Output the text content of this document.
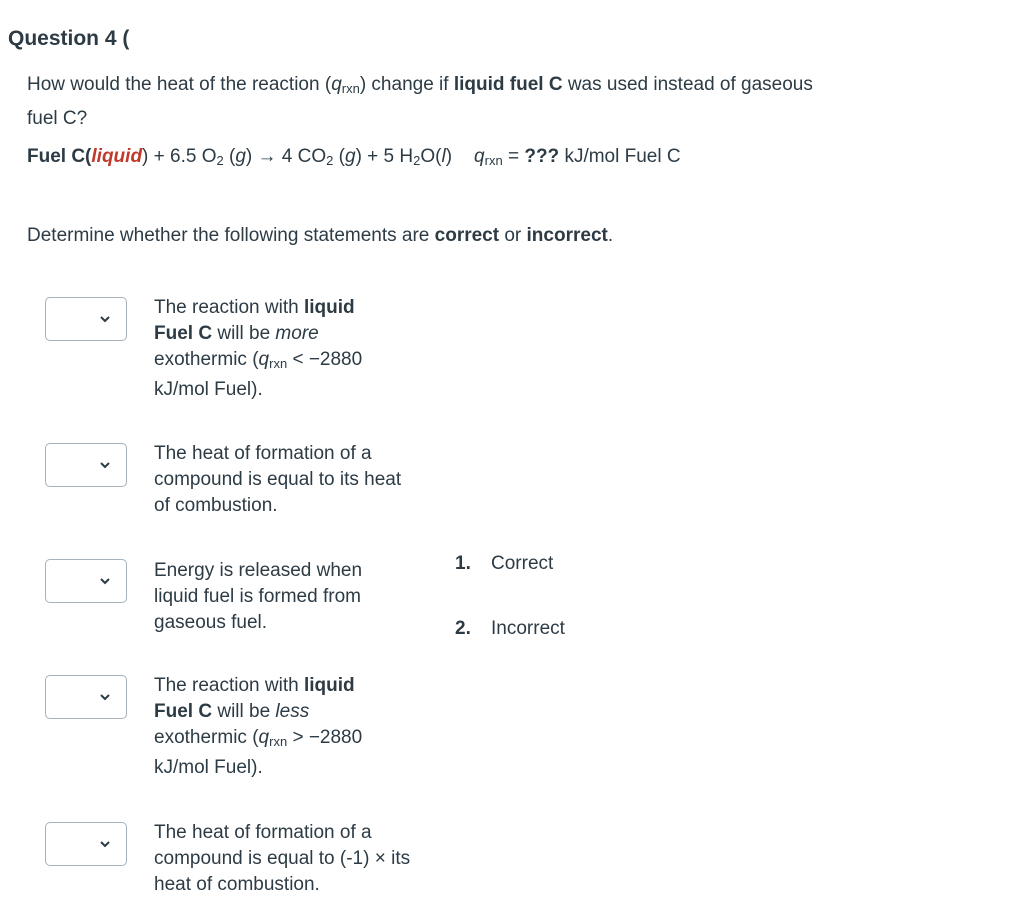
Question 4 (
How would the heat of the reaction $(q_{rxn})$ change if liquid fuel C was used instead of gaseous fuel C?
Fuel C(liquid) + 6.5 $O_2$ (g) → 4 $CO_2$ (g) + 5 $H_2O(l) q_{rxn}$ = ??? kJ/mol Fuel C
Determine whether the following statements are correct or incorrect.
The reaction with liquid Fuel C will be more exothermic ($q_{rxn} < -2880$ kJ/mol Fuel).
The heat of formation of a compound is equal to its heat of combustion.
Energy is released when liquid fuel is formed from gaseous fuel.
The reaction with liquid Fuel C will be less exothermic ($q_{rxn} > -2880$ kJ/mol Fuel).
The heat of formation of a compound is equal to (-1) × its heat of combustion.
1. Correct
2. Incorrect
